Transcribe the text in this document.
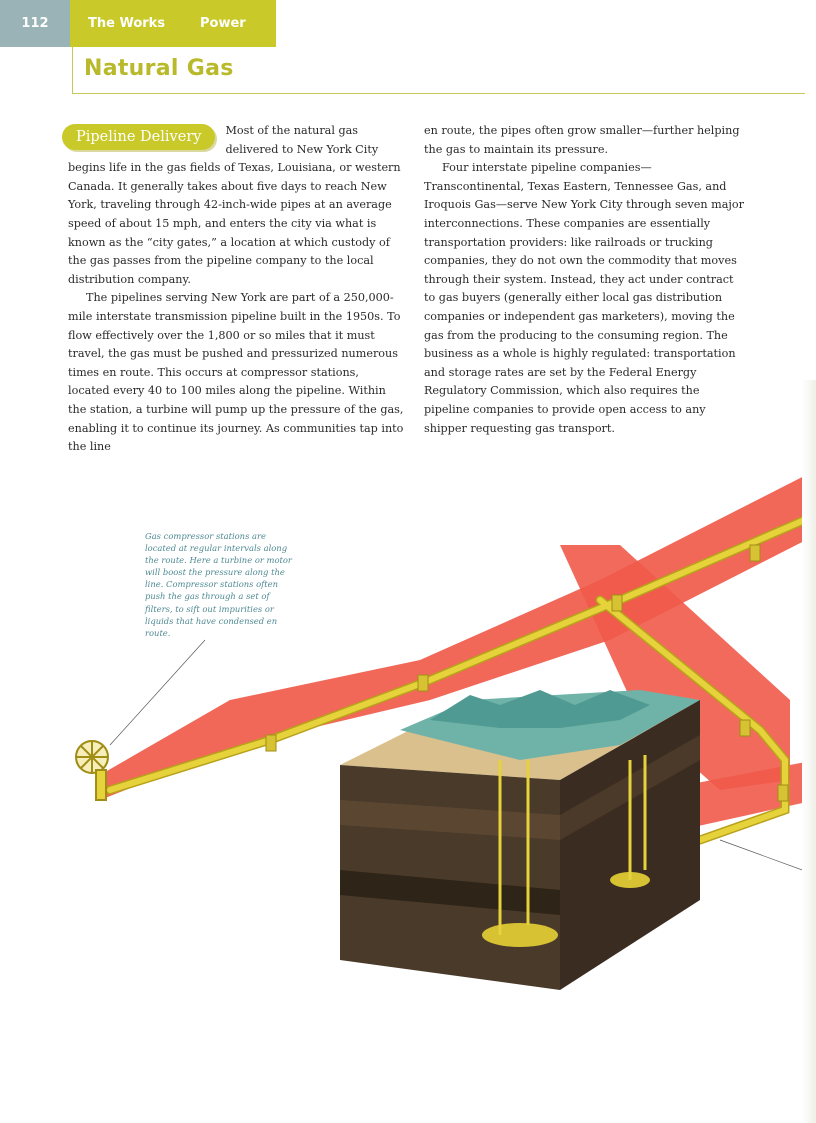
112	The Works	Power
Natural Gas

Pipeline Delivery	Most of the natural gas delivered to New York City begins life in the gas fields of Texas, Louisiana, or western Canada. It generally takes about five days to reach New York, traveling through 42-inch-wide pipes at an average speed of about 15 mph, and enters the city via what is known as the “city gates,” a location at which custody of the gas passes from the pipeline company to the local distribution company.

The pipelines serving New York are part of a 250,000-mile interstate transmission pipeline built in the 1950s. To flow effectively over the 1,800 or so miles that it must travel, the gas must be pushed and pressurized numerous times en route. This occurs at compressor stations, located every 40 to 100 miles along the pipeline. Within the station, a turbine will pump up the pressure of the gas, enabling it to continue its journey. As communities tap into the line

en route, the pipes often grow smaller—further helping the gas to maintain its pressure.

Four interstate pipeline companies—Transcontinental, Texas Eastern, Tennessee Gas, and Iroquois Gas—serve New York City through seven major interconnections. These companies are essentially transportation providers: like railroads or trucking companies, they do not own the commodity that moves through their system. Instead, they act under contract to gas buyers (generally either local gas distribution companies or independent gas marketers), moving the gas from the producing to the consuming region. The business as a whole is highly regulated: transportation and storage rates are set by the Federal Energy Regulatory Commission, which also requires the pipeline companies to provide open access to any shipper requesting gas transport.

Gas compressor stations are located at regular intervals along the route. Here a turbine or motor will boost the pressure along the line. Compressor stations often push the gas through a set of filters, to sift out impurities or liquids that have condensed en route.
